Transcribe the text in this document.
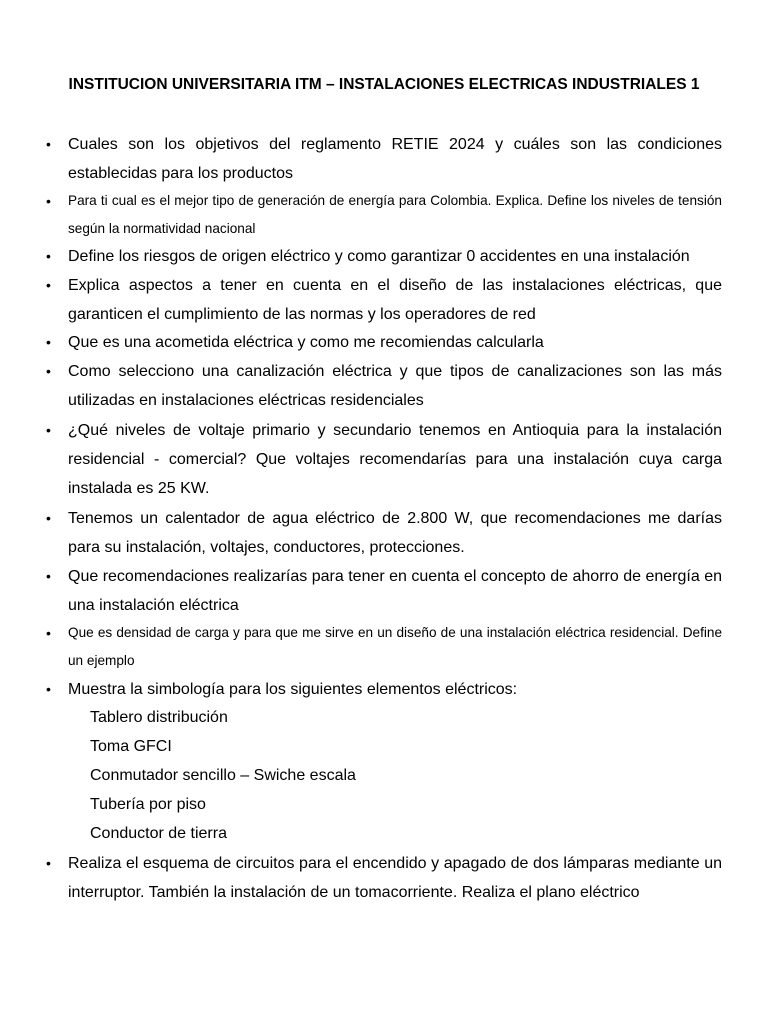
INSTITUCION UNIVERSITARIA ITM – INSTALACIONES ELECTRICAS INDUSTRIALES 1
• Cuales son los objetivos del reglamento RETIE 2024 y cuáles son las condiciones establecidas para los productos
• Para ti cual es el mejor tipo de generación de energía para Colombia. Explica. Define los niveles de tensión según la normatividad nacional
• Define los riesgos de origen eléctrico y como garantizar 0 accidentes en una instalación
• Explica aspectos a tener en cuenta en el diseño de las instalaciones eléctricas, que garanticen el cumplimiento de las normas y los operadores de red
• Que es una acometida eléctrica y como me recomiendas calcularla
• Como selecciono una canalización eléctrica y que tipos de canalizaciones son las más utilizadas en instalaciones eléctricas residenciales
• ¿Qué niveles de voltaje primario y secundario tenemos en Antioquia para la instalación residencial - comercial? Que voltajes recomendarías para una instalación cuya carga instalada es 25 KW.
• Tenemos un calentador de agua eléctrico de 2.800 W, que recomendaciones me darías para su instalación, voltajes, conductores, protecciones.
• Que recomendaciones realizarías para tener en cuenta el concepto de ahorro de energía en una instalación eléctrica
• Que es densidad de carga y para que me sirve en un diseño de una instalación eléctrica residencial. Define un ejemplo
• Muestra la simbología para los siguientes elementos eléctricos:
• Realiza el esquema de circuitos para el encendido y apagado de dos lámparas mediante un interruptor. También la instalación de un tomacorriente. Realiza el plano eléctrico
Tablero distribución
Toma GFCI
Conmutador sencillo – Swiche escala
Tubería por piso
Conductor de tierra
